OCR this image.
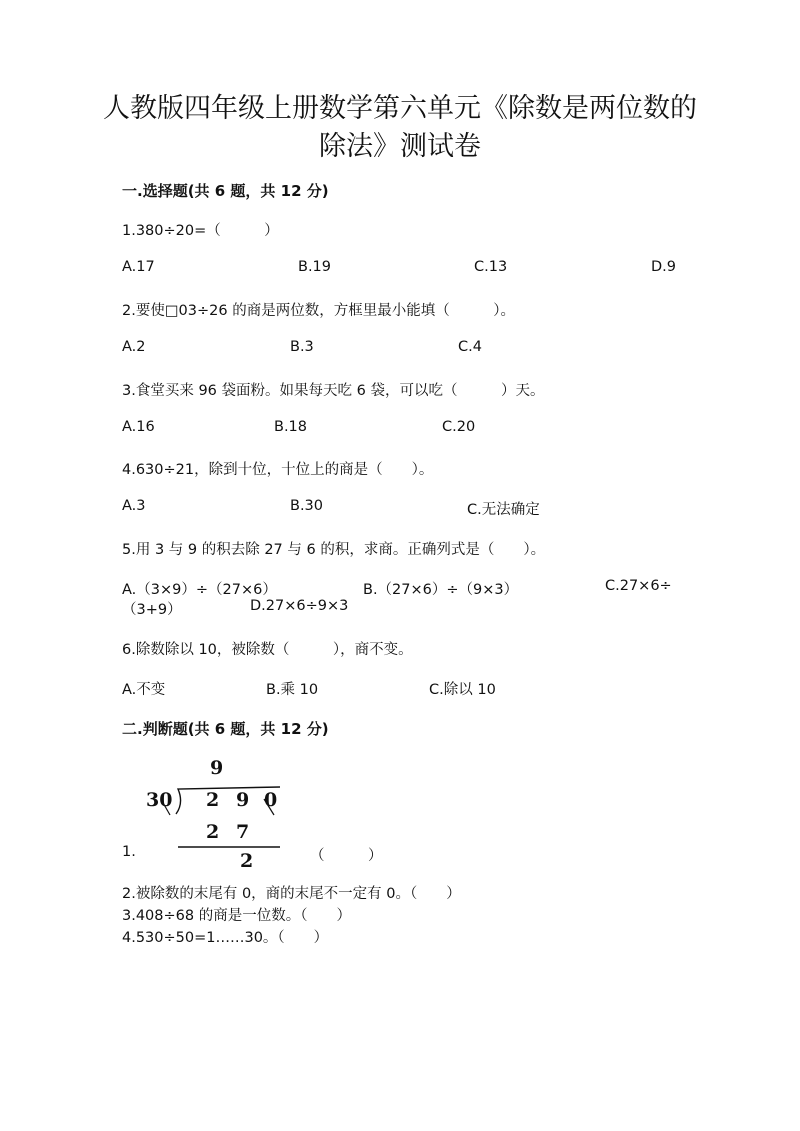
人教版四年级上册数学第六单元《除数是两位数的
除法》测试卷
一.选择题(共 6 题，共 12 分)
1.380÷20=（　　　）
A.17	B.19	C.13	D.9
2.要使□03÷26 的商是两位数，方框里最小能填（　　　）。
A.2	B.3	C.4
3.食堂买来 96 袋面粉。如果每天吃 6 袋，可以吃（　　　）天。
A.16	B.18	C.20
4.630÷21，除到十位，十位上的商是（　　）。
A.3	B.30	C.无法确定
5.用 3 与 9 的积去除 27 与 6 的积，求商。正确列式是（　　）。
A.（3×9）÷（27×6）	B.（27×6）÷（9×3）	C.27×6÷
（3+9）	D.27×6÷9×3
6.除数除以 10，被除数（　　　），商不变。
A.不变	B.乘 10	C.除以 10
二.判断题(共 6 题，共 12 分)
1.
9
30 2 9 0
2 7
2	（　　　）
2.被除数的末尾有 0，商的末尾不一定有 0。（　　）
3.408÷68 的商是一位数。（　　）
4.530÷50=1……30。（　　）
